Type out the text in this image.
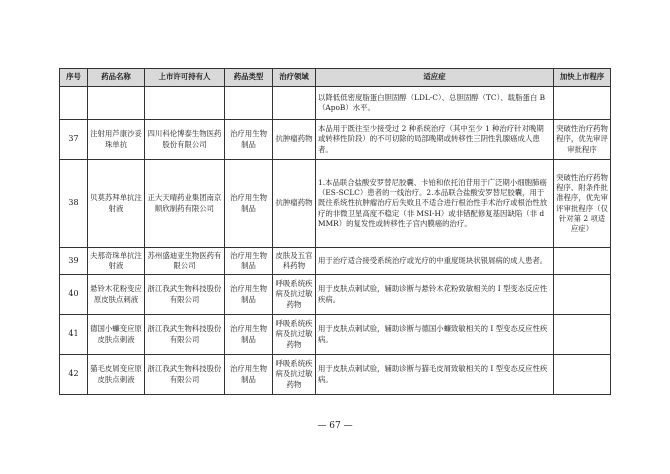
序号	药品名称	上市许可持有人	药品类型	治疗领域	适应症	加快上市程序
					以降低低密度脂蛋白胆固醇（LDL-C）、总胆固醇（TC）、载脂蛋白 B（ApoB）水平。	
37	注射用芦康沙妥珠单抗	四川科伦博泰生物医药股份有限公司	治疗用生物制品	抗肿瘤药物	本品用于既往至少接受过 2 种系统治疗（其中至少 1 种治疗针对晚期或转移性阶段）的不可切除的局部晚期或转移性三阴性乳腺癌成人患者。	突破性治疗药物程序，优先审评审批程序
38	贝莫苏拜单抗注射液	正大天晴药业集团南京顺欣制药有限公司	治疗用生物制品	抗肿瘤药物	1.本品联合盐酸安罗替尼胶囊、卡铂和依托泊苷用于广泛期小细胞肺癌（ES-SCLC）患者的一线治疗。2.本品联合盐酸安罗替尼胶囊，用于既往系统性抗肿瘤治疗后失败且不适合进行根治性手术治疗或根治性放疗的非微卫星高度不稳定（非 MSI-H）或非错配修复基因缺陷（非 dMMR）的复发性或转移性子宫内膜癌的治疗。	突破性治疗药物程序、附条件批准程序，优先审评审批程序（仅针对第 2 项适应症）
39	夫那奇珠单抗注射液	苏州盛迪亚生物医药有限公司	治疗用生物制品	皮肤及五官科药物	用于治疗适合接受系统治疗或光疗的中重度斑块状银屑病的成人患者。	
40	悬铃木花粉变应原皮肤点刺液	浙江我武生物科技股份有限公司	治疗用生物制品	呼吸系统疾病及抗过敏药物	用于皮肤点刺试验，辅助诊断与悬铃木花粉致敏相关的 I 型变态反应性疾病。	
41	德国小蠊变应原皮肤点刺液	浙江我武生物科技股份有限公司	治疗用生物制品	呼吸系统疾病及抗过敏药物	用于皮肤点刺试验，辅助诊断与德国小蠊致敏相关的 I 型变态反应性疾病。	
42	猫毛皮屑变应原皮肤点刺液	浙江我武生物科技股份有限公司	治疗用生物制品	呼吸系统疾病及抗过敏药物	用于皮肤点刺试验，辅助诊断与猫毛皮屑致敏相关的 I 型变态反应性疾病。	
— 67 —
